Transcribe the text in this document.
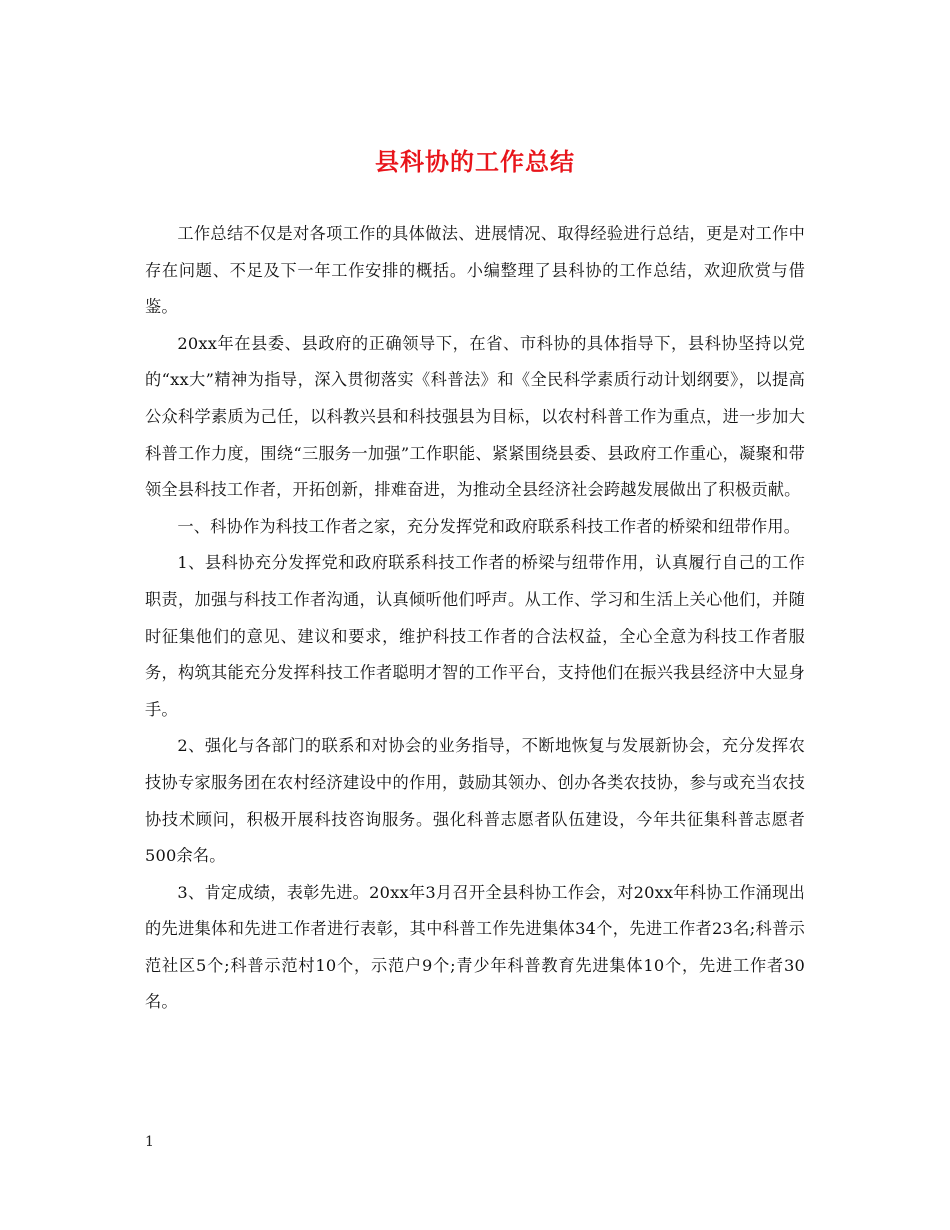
县科协的工作总结

工作总结不仅是对各项工作的具体做法、进展情况、取得经验进行总结，更是对工作中存在问题、不足及下一年工作安排的概括。小编整理了县科协的工作总结，欢迎欣赏与借鉴。

20xx年在县委、县政府的正确领导下，在省、市科协的具体指导下，县科协坚持以党的“xx大”精神为指导，深入贯彻落实《科普法》和《全民科学素质行动计划纲要》，以提高公众科学素质为己任，以科教兴县和科技强县为目标，以农村科普工作为重点，进一步加大科普工作力度，围绕“三服务一加强”工作职能、紧紧围绕县委、县政府工作重心，凝聚和带领全县科技工作者，开拓创新，排难奋进，为推动全县经济社会跨越发展做出了积极贡献。

一、科协作为科技工作者之家，充分发挥党和政府联系科技工作者的桥梁和纽带作用。

1、县科协充分发挥党和政府联系科技工作者的桥梁与纽带作用，认真履行自己的工作职责，加强与科技工作者沟通，认真倾听他们呼声。从工作、学习和生活上关心他们，并随时征集他们的意见、建议和要求，维护科技工作者的合法权益，全心全意为科技工作者服务，构筑其能充分发挥科技工作者聪明才智的工作平台，支持他们在振兴我县经济中大显身手。

2、强化与各部门的联系和对协会的业务指导，不断地恢复与发展新协会，充分发挥农技协专家服务团在农村经济建设中的作用，鼓励其领办、创办各类农技协，参与或充当农技协技术顾问，积极开展科技咨询服务。强化科普志愿者队伍建设，今年共征集科普志愿者500余名。

3、肯定成绩，表彰先进。20xx年3月召开全县科协工作会，对20xx年科协工作涌现出的先进集体和先进工作者进行表彰，其中科普工作先进集体34个，先进工作者23名;科普示范社区5个;科普示范村10个，示范户9个;青少年科普教育先进集体10个，先进工作者30名。

1
